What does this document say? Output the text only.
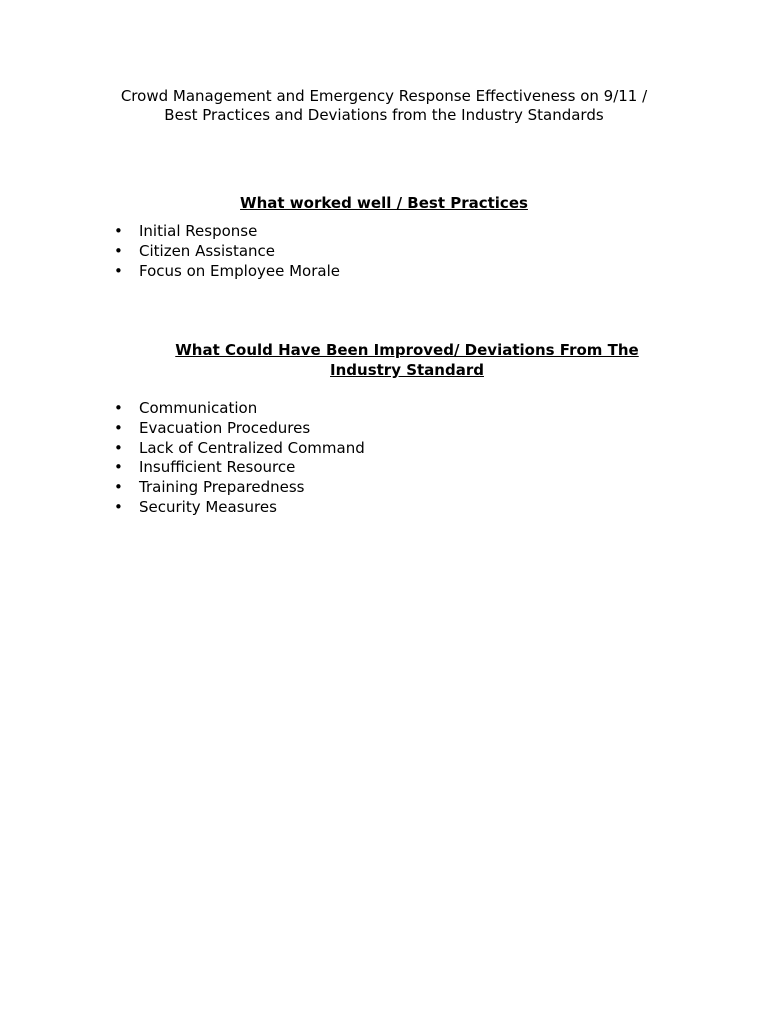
Crowd Management and Emergency Response Effectiveness on 9/11 /
Best Practices and Deviations from the Industry Standards
What worked well / Best Practices
• Initial Response
• Citizen Assistance
• Focus on Employee Morale
What Could Have Been Improved/ Deviations From The
Industry Standard
• Communication
• Evacuation Procedures
• Lack of Centralized Command
• Insufficient Resource
• Training Preparedness
• Security Measures
